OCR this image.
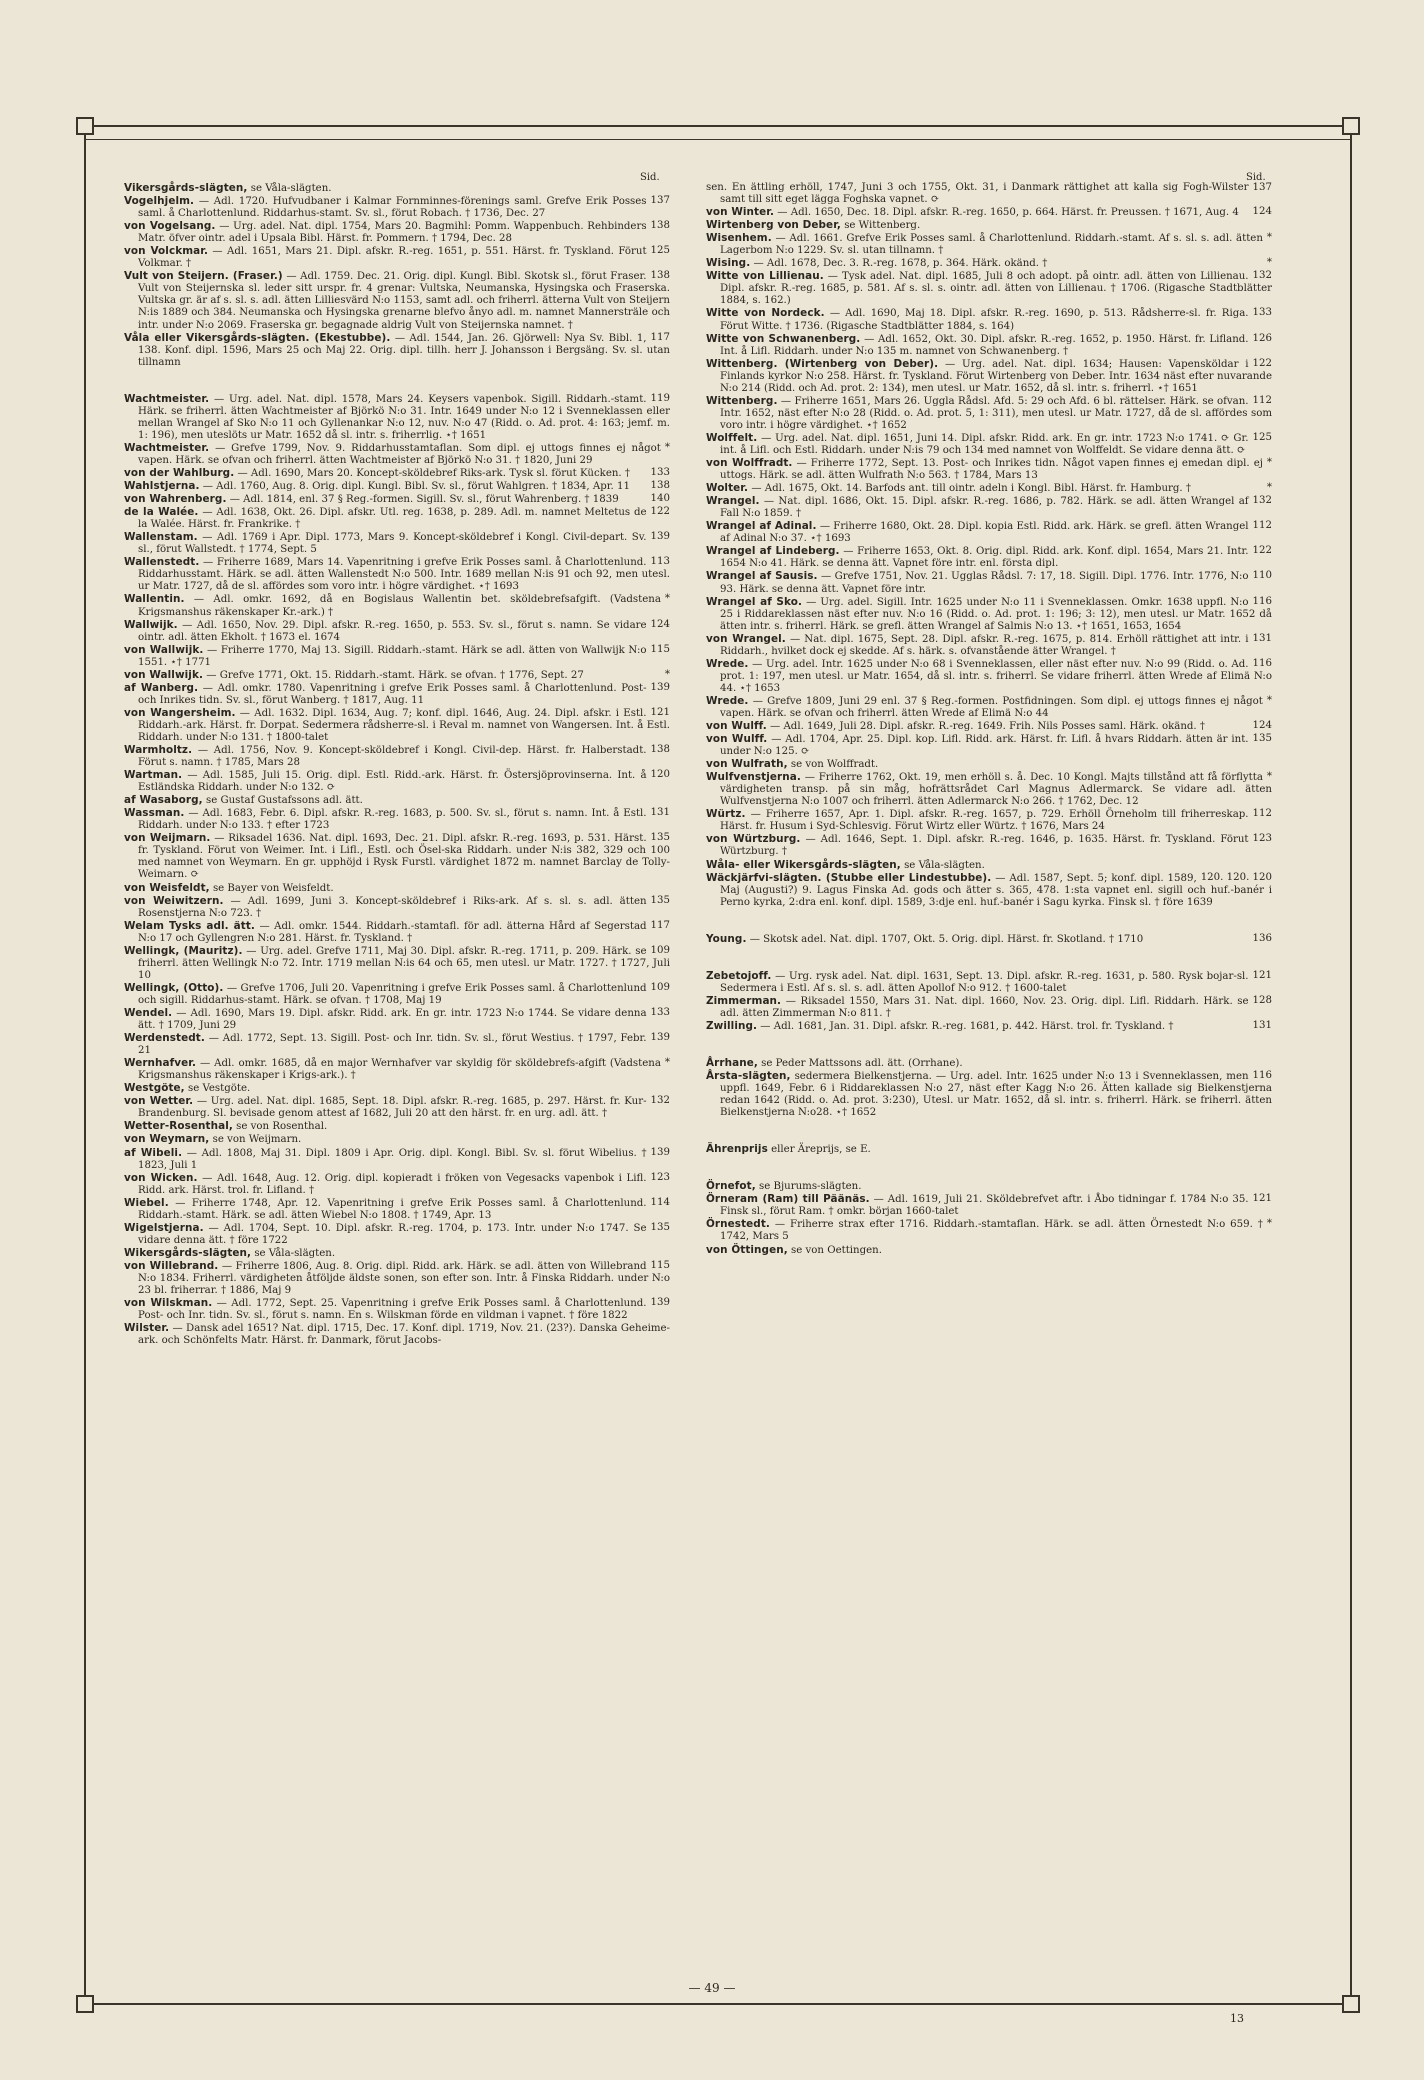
Sid.	Sid.
Vikersgårds-slägten, se Våla-slägten.
137
Vogelhjelm. — Adl. 1720. Hufvudbaner i Kalmar Fornminnes-förenings saml. Grefve Erik Posses saml. å Charlottenlund. Riddarhus-stamt. Sv. sl., förut Robach. † 1736, Dec. 27
138
von Vogelsang. — Urg. adel. Nat. dipl. 1754, Mars 20. Bagmihl: Pomm. Wappenbuch. Rehbinders Matr. öfver ointr. adel i Upsala Bibl. Härst. fr. Pommern. † 1794, Dec. 28
125
von Volckmar. — Adl. 1651, Mars 21. Dipl. afskr. R.-reg. 1651, p. 551. Härst. fr. Tyskland. Förut Volkmar. †
138
Vult von Steijern. (Fraser.) — Adl. 1759. Dec. 21. Orig. dipl. Kungl. Bibl. Skotsk sl., förut Fraser. Vult von Steijernska sl. leder sitt urspr. fr. 4 grenar: Vultska, Neumanska, Hysingska och Fraserska. Vultska gr. är af s. sl. s. adl. ätten Lilliesvärd N:o 1153, samt adl. och friherrl. ätterna Vult von Steijern N:is 1889 och 384. Neumanska och Hysingska grenarne blefvo ånyo adl. m. namnet Mannersträle och intr. under N:o 2069. Fraserska gr. begagnade aldrig Vult von Steijernska namnet. †
117
Våla eller Vikersgårds-slägten. (Ekestubbe). — Adl. 1544, Jan. 26. Gjörwell: Nya Sv. Bibl. 1, 138. Konf. dipl. 1596, Mars 25 och Maj 22. Orig. dipl. tillh. herr J. Johansson i Bergsäng. Sv. sl. utan tillnamn
119
Wachtmeister. — Urg. adel. Nat. dipl. 1578, Mars 24. Keysers vapenbok. Sigill. Riddarh.-stamt. Härk. se friherrl. ätten Wachtmeister af Björkö N:o 31. Intr. 1649 under N:o 12 i Svenneklassen eller mellan Wrangel af Sko N:o 11 och Gyllenankar N:o 12, nuv. N:o 47 (Ridd. o. Ad. prot. 4: 163; jemf. m. 1: 196), men uteslöts ur Matr. 1652 då sl. intr. s. friherrlig. ⋆† 1651
*
Wachtmeister. — Grefve 1799, Nov. 9. Riddarhusstamtaflan. Som dipl. ej uttogs finnes ej något vapen. Härk. se ofvan och friherrl. ätten Wachtmeister af Björkö N:o 31. † 1820, Juni 29
133
von der Wahlburg. — Adl. 1690, Mars 20. Koncept-sköldebref Riks-ark. Tysk sl. förut Kücken. †
138
Wahlstjerna. — Adl. 1760, Aug. 8. Orig. dipl. Kungl. Bibl. Sv. sl., förut Wahlgren. † 1834, Apr. 11
140
von Wahrenberg. — Adl. 1814, enl. 37 § Reg.-formen. Sigill. Sv. sl., förut Wahrenberg. † 1839
122
de la Walée. — Adl. 1638, Okt. 26. Dipl. afskr. Utl. reg. 1638, p. 289. Adl. m. namnet Meltetus de la Walée. Härst. fr. Frankrike. †
139
Wallenstam. — Adl. 1769 i Apr. Dipl. 1773, Mars 9. Koncept-sköldebref i Kongl. Civil-depart. Sv. sl., förut Wallstedt. † 1774, Sept. 5
113
Wallenstedt. — Friherre 1689, Mars 14. Vapenritning i grefve Erik Posses saml. å Charlottenlund. Riddarhusstamt. Härk. se adl. ätten Wallenstedt N:o 500. Intr. 1689 mellan N:is 91 och 92, men utesl. ur Matr. 1727, då de sl. affördes som voro intr. i högre värdighet. ⋆† 1693
*
Wallentin. — Adl. omkr. 1692, då en Bogislaus Wallentin bet. sköldebrefsafgift. (Vadstena Krigsmanshus räkenskaper Kr.-ark.) †
124
Wallwijk. — Adl. 1650, Nov. 29. Dipl. afskr. R.-reg. 1650, p. 553. Sv. sl., förut s. namn. Se vidare ointr. adl. ätten Ekholt. † 1673 el. 1674
115
von Wallwijk. — Friherre 1770, Maj 13. Sigill. Riddarh.-stamt. Härk se adl. ätten von Wallwijk N:o 1551. ⋆† 1771
*
von Wallwijk. — Grefve 1771, Okt. 15. Riddarh.-stamt. Härk. se ofvan. † 1776, Sept. 27
139
af Wanberg. — Adl. omkr. 1780. Vapenritning i grefve Erik Posses saml. å Charlottenlund. Post- och Inrikes tidn. Sv. sl., förut Wanberg. † 1817, Aug. 11
121
von Wangersheim. — Adl. 1632. Dipl. 1634, Aug. 7; konf. dipl. 1646, Aug. 24. Dipl. afskr. i Estl. Riddarh.-ark. Härst. fr. Dorpat. Sedermera rådsherre-sl. i Reval m. namnet von Wangersen. Int. å Estl. Riddarh. under N:o 131. † 1800-talet
138
Warmholtz. — Adl. 1756, Nov. 9. Koncept-sköldebref i Kongl. Civil-dep. Härst. fr. Halberstadt. Förut s. namn. † 1785, Mars 28
120
Wartman. — Adl. 1585, Juli 15. Orig. dipl. Estl. Ridd.-ark. Härst. fr. Östersjöprovinserna. Int. å Estländska Riddarh. under N:o 132. ⟳
af Wasaborg, se Gustaf Gustafssons adl. ätt.
131
Wassman. — Adl. 1683, Febr. 6. Dipl. afskr. R.-reg. 1683, p. 500. Sv. sl., förut s. namn. Int. å Estl. Riddarh. under N:o 133. † efter 1723
135
von Weijmarn. — Riksadel 1636. Nat. dipl. 1693, Dec. 21. Dipl. afskr. R.-reg. 1693, p. 531. Härst. fr. Tyskland. Förut von Weimer. Int. i Lifl., Estl. och Ösel-ska Riddarh. under N:is 382, 329 och 100 med namnet von Weymarn. En gr. upphöjd i Rysk Furstl. värdighet 1872 m. namnet Barclay de Tolly-Weimarn. ⟳
von Weisfeldt, se Bayer von Weisfeldt.
135
von Weiwitzern. — Adl. 1699, Juni 3. Koncept-sköldebref i Riks-ark. Af s. sl. s. adl. ätten Rosenstjerna N:o 723. †
117
Welam Tysks adl. ätt. — Adl. omkr. 1544. Riddarh.-stamtafl. för adl. ätterna Hård af Segerstad N:o 17 och Gyllengren N:o 281. Härst. fr. Tyskland. †
109
Wellingk, (Mauritz). — Urg. adel. Grefve 1711, Maj 30. Dipl. afskr. R.-reg. 1711, p. 209. Härk. se friherrl. ätten Wellingk N:o 72. Intr. 1719 mellan N:is 64 och 65, men utesl. ur Matr. 1727. † 1727, Juli 10
109
Wellingk, (Otto). — Grefve 1706, Juli 20. Vapenritning i grefve Erik Posses saml. å Charlottenlund och sigill. Riddarhus-stamt. Härk. se ofvan. † 1708, Maj 19
133
Wendel. — Adl. 1690, Mars 19. Dipl. afskr. Ridd. ark. En gr. intr. 1723 N:o 1744. Se vidare denna ätt. † 1709, Juni 29
139
Werdenstedt. — Adl. 1772, Sept. 13. Sigill. Post- och Inr. tidn. Sv. sl., förut Westius. † 1797, Febr. 21
*
Wernhafver. — Adl. omkr. 1685, då en major Wernhafver var skyldig för sköldebrefs-afgift (Vadstena Krigsmanshus räkenskaper i Krigs-ark.). †
Westgöte, se Vestgöte.
132
von Wetter. — Urg. adel. Nat. dipl. 1685, Sept. 18. Dipl. afskr. R.-reg. 1685, p. 297. Härst. fr. Kur-Brandenburg. Sl. bevisade genom attest af 1682, Juli 20 att den härst. fr. en urg. adl. ätt. †
Wetter-Rosenthal, se von Rosenthal.
von Weymarn, se von Weijmarn.
139
af Wibeli. — Adl. 1808, Maj 31. Dipl. 1809 i Apr. Orig. dipl. Kongl. Bibl. Sv. sl. förut Wibelius. † 1823, Juli 1
123
von Wicken. — Adl. 1648, Aug. 12. Orig. dipl. kopieradt i fröken von Vegesacks vapenbok i Lifl. Ridd. ark. Härst. trol. fr. Lifland. †
114
Wiebel. — Friherre 1748, Apr. 12. Vapenritning i grefve Erik Posses saml. å Charlottenlund. Riddarh.-stamt. Härk. se adl. ätten Wiebel N:o 1808. † 1749, Apr. 13
135
Wigelstjerna. — Adl. 1704, Sept. 10. Dipl. afskr. R.-reg. 1704, p. 173. Intr. under N:o 1747. Se vidare denna ätt. † före 1722
Wikersgårds-slägten, se Våla-slägten.
115
von Willebrand. — Friherre 1806, Aug. 8. Orig. dipl. Ridd. ark. Härk. se adl. ätten von Willebrand N:o 1834. Friherrl. värdigheten åtföljde äldste sonen, son efter son. Intr. å Finska Riddarh. under N:o 23 bl. friherrar. † 1886, Maj 9
139
von Wilskman. — Adl. 1772, Sept. 25. Vapenritning i grefve Erik Posses saml. å Charlottenlund. Post- och Inr. tidn. Sv. sl., förut s. namn. En s. Wilskman förde en vildman i vapnet. † före 1822
Wilster. — Dansk adel 1651? Nat. dipl. 1715, Dec. 17. Konf. dipl. 1719, Nov. 21. (23?). Danska Geheime-ark. och Schönfelts Matr. Härst. fr. Danmark, förut Jacobs-
137
sen. En ättling erhöll, 1747, Juni 3 och 1755, Okt. 31, i Danmark rättighet att kalla sig Fogh-Wilster samt till sitt eget lägga Foghska vapnet. ⟳
124
von Winter. — Adl. 1650, Dec. 18. Dipl. afskr. R.-reg. 1650, p. 664. Härst. fr. Preussen. † 1671, Aug. 4
Wirtenberg von Deber, se Wittenberg.
*
Wisenhem. — Adl. 1661. Grefve Erik Posses saml. å Charlottenlund. Riddarh.-stamt. Af s. sl. s. adl. ätten Lagerbom N:o 1229. Sv. sl. utan tillnamn. †
*
Wising. — Adl. 1678, Dec. 3. R.-reg. 1678, p. 364. Härk. okänd. †
132
Witte von Lillienau. — Tysk adel. Nat. dipl. 1685, Juli 8 och adopt. på ointr. adl. ätten von Lillienau. Dipl. afskr. R.-reg. 1685, p. 581. Af s. sl. s. ointr. adl. ätten von Lillienau. † 1706. (Rigasche Stadtblätter 1884, s. 162.)
133
Witte von Nordeck. — Adl. 1690, Maj 18. Dipl. afskr. R.-reg. 1690, p. 513. Rådsherre-sl. fr. Riga. Förut Witte. † 1736. (Rigasche Stadtblätter 1884, s. 164)
126
Witte von Schwanenberg. — Adl. 1652, Okt. 30. Dipl. afskr. R.-reg. 1652, p. 1950. Härst. fr. Lifland. Int. å Lifl. Riddarh. under N:o 135 m. namnet von Schwanenberg. †
122
Wittenberg. (Wirtenberg von Deber). — Urg. adel. Nat. dipl. 1634; Hausen: Vapensköldar i Finlands kyrkor N:o 258. Härst. fr. Tyskland. Förut Wirtenberg von Deber. Intr. 1634 näst efter nuvarande N:o 214 (Ridd. och Ad. prot. 2: 134), men utesl. ur Matr. 1652, då sl. intr. s. friherrl. ⋆† 1651
112
Wittenberg. — Friherre 1651, Mars 26. Uggla Rådsl. Afd. 5: 29 och Afd. 6 bl. rättelser. Härk. se ofvan. Intr. 1652, näst efter N:o 28 (Ridd. o. Ad. prot. 5, 1: 311), men utesl. ur Matr. 1727, då de sl. affördes som voro intr. i högre värdighet. ⋆† 1652
125
Wolffelt. — Urg. adel. Nat. dipl. 1651, Juni 14. Dipl. afskr. Ridd. ark. En gr. intr. 1723 N:o 1741. ⟳ Gr. int. å Lifl. och Estl. Riddarh. under N:is 79 och 134 med namnet von Wolffeldt. Se vidare denna ätt. ⟳
*
von Wolffradt. — Friherre 1772, Sept. 13. Post- och Inrikes tidn. Något vapen finnes ej emedan dipl. ej uttogs. Härk. se adl. ätten Wulfrath N:o 563. † 1784, Mars 13
*
Wolter. — Adl. 1675, Okt. 14. Barfods ant. till ointr. adeln i Kongl. Bibl. Härst. fr. Hamburg. †
132
Wrangel. — Nat. dipl. 1686, Okt. 15. Dipl. afskr. R.-reg. 1686, p. 782. Härk. se adl. ätten Wrangel af Fall N:o 1859. †
112
Wrangel af Adinal. — Friherre 1680, Okt. 28. Dipl. kopia Estl. Ridd. ark. Härk. se grefl. ätten Wrangel af Adinal N:o 37. ⋆† 1693
122
Wrangel af Lindeberg. — Friherre 1653, Okt. 8. Orig. dipl. Ridd. ark. Konf. dipl. 1654, Mars 21. Intr. 1654 N:o 41. Härk. se denna ätt. Vapnet före intr. enl. första dipl.
110
Wrangel af Sausis. — Grefve 1751, Nov. 21. Ugglas Rådsl. 7: 17, 18. Sigill. Dipl. 1776. Intr. 1776, N:o 93. Härk. se denna ätt. Vapnet före intr.
116
Wrangel af Sko. — Urg. adel. Sigill. Intr. 1625 under N:o 11 i Svenneklassen. Omkr. 1638 uppfl. N:o 25 i Riddareklassen näst efter nuv. N:o 16 (Ridd. o. Ad. prot. 1: 196; 3: 12), men utesl. ur Matr. 1652 då ätten intr. s. friherrl. Härk. se grefl. ätten Wrangel af Salmis N:o 13. ⋆† 1651, 1653, 1654
131
von Wrangel. — Nat. dipl. 1675, Sept. 28. Dipl. afskr. R.-reg. 1675, p. 814. Erhöll rättighet att intr. i Riddarh., hvilket dock ej skedde. Af s. härk. s. ofvanstående ätter Wrangel. †
116
Wrede. — Urg. adel. Intr. 1625 under N:o 68 i Svenneklassen, eller näst efter nuv. N:o 99 (Ridd. o. Ad. prot. 1: 197, men utesl. ur Matr. 1654, då sl. intr. s. friherrl. Se vidare friherrl. ätten Wrede af Elimä N:o 44. ⋆† 1653
*
Wrede. — Grefve 1809, Juni 29 enl. 37 § Reg.-formen. Postfidningen. Som dipl. ej uttogs finnes ej något vapen. Härk. se ofvan och friherrl. ätten Wrede af Elimä N:o 44
124
von Wulff. — Adl. 1649, Juli 28. Dipl. afskr. R.-reg. 1649. Frih. Nils Posses saml. Härk. okänd. †
135
von Wulff. — Adl. 1704, Apr. 25. Dipl. kop. Lifl. Ridd. ark. Härst. fr. Lifl. å hvars Riddarh. ätten är int. under N:o 125. ⟳
von Wulfrath, se von Wolffradt.
*
Wulfvenstjerna. — Friherre 1762, Okt. 19, men erhöll s. å. Dec. 10 Kongl. Majts tillstånd att få förflytta värdigheten transp. på sin måg, hofrättsrådet Carl Magnus Adlermarck. Se vidare adl. ätten Wulfvenstjerna N:o 1007 och friherrl. ätten Adlermarck N:o 266. † 1762, Dec. 12
112
Würtz. — Friherre 1657, Apr. 1. Dipl. afskr. R.-reg. 1657, p. 729. Erhöll Örneholm till friherreskap. Härst. fr. Husum i Syd-Schlesvig. Förut Wirtz eller Würtz. † 1676, Mars 24
123
von Würtzburg. — Adl. 1646, Sept. 1. Dipl. afskr. R.-reg. 1646, p. 1635. Härst. fr. Tyskland. Förut Würtzburg. †
Wåla- eller Wikersgårds-slägten, se Våla-slägten.
120. 120. 120
Wäckjärfvi-slägten. (Stubbe eller Lindestubbe). — Adl. 1587, Sept. 5; konf. dipl. 1589, Maj (Augusti?) 9. Lagus Finska Ad. gods och ätter s. 365, 478. 1:sta vapnet enl. sigill och huf.-banér i Perno kyrka, 2:dra enl. konf. dipl. 1589, 3:dje enl. huf.-banér i Sagu kyrka. Finsk sl. † före 1639
136
Young. — Skotsk adel. Nat. dipl. 1707, Okt. 5. Orig. dipl. Härst. fr. Skotland. † 1710
121
Zebetojoff. — Urg. rysk adel. Nat. dipl. 1631, Sept. 13. Dipl. afskr. R.-reg. 1631, p. 580. Rysk bojar-sl. Sedermera i Estl. Af s. sl. s. adl. ätten Apollof N:o 912. † 1600-talet
128
Zimmerman. — Riksadel 1550, Mars 31. Nat. dipl. 1660, Nov. 23. Orig. dipl. Lifl. Riddarh. Härk. se adl. ätten Zimmerman N:o 811. †
131
Zwilling. — Adl. 1681, Jan. 31. Dipl. afskr. R.-reg. 1681, p. 442. Härst. trol. fr. Tyskland. †
Årrhane, se Peder Mattssons adl. ätt. (Orrhane).
116
Årsta-slägten, sedermera Bielkenstjerna. — Urg. adel. Intr. 1625 under N:o 13 i Svenneklassen, men uppfl. 1649, Febr. 6 i Riddareklassen N:o 27, näst efter Kagg N:o 26. Ätten kallade sig Bielkenstjerna redan 1642 (Ridd. o. Ad. prot. 3:230), Utesl. ur Matr. 1652, då sl. intr. s. friherrl. Härk. se friherrl. ätten Bielkenstjerna N:o28. ⋆† 1652
Ährenprijs eller Äreprijs, se E.
Örnefot, se Bjurums-slägten.
121
Örneram (Ram) till Päänäs. — Adl. 1619, Juli 21. Sköldebrefvet aftr. i Åbo tidningar f. 1784 N:o 35. Finsk sl., förut Ram. † omkr. början 1660-talet
*
Örnestedt. — Friherre strax efter 1716. Riddarh.-stamtaflan. Härk. se adl. ätten Örnestedt N:o 659. † 1742, Mars 5
von Öttingen, se von Oettingen.
— 49 —
13
